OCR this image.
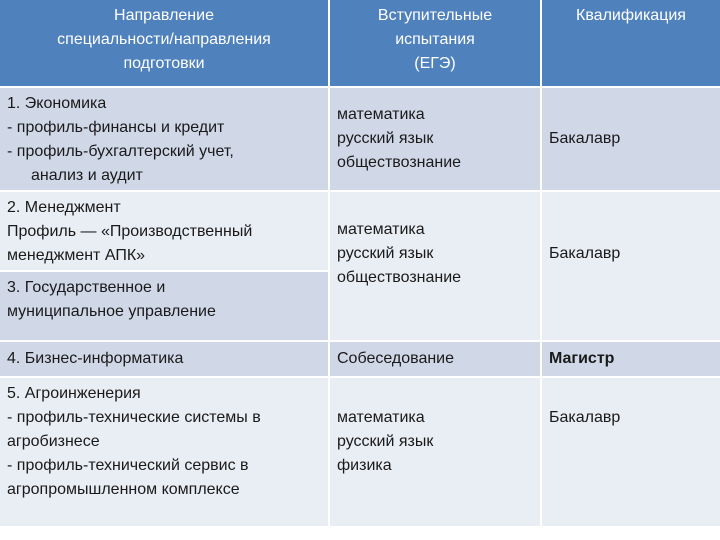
Направление
специальности/направления
подготовки
Вступительные
испытания
(ЕГЭ)
Квалификация
1. Экономика
- профиль-финансы и кредит
- профиль-бухгалтерский учет,
анализ и аудит
математика
русский язык
обществознание
Бакалавр
2. Менеджмент
Профиль — «Производственный
менеджмент АПК»
3. Государственное и
муниципальное управление
математика
русский язык
обществознание
Бакалавр
4. Бизнес-информатика	Собеседование	Магистр
5. Агроинженерия
- профиль-технические системы в
агробизнесе
- профиль-технический сервис в
агропромышленном комплексе
математика
русский язык
физика
Бакалавр
